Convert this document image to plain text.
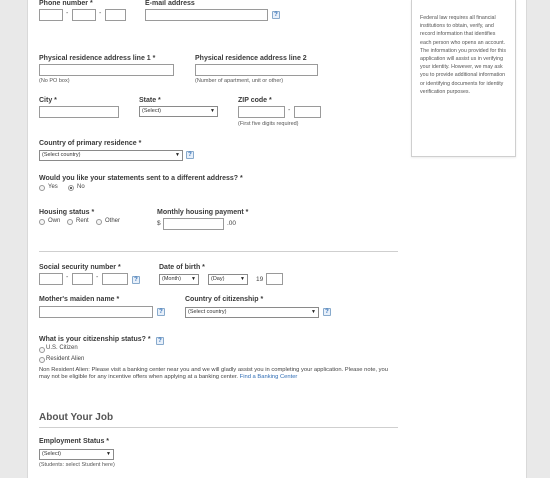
Phone number *
-	-
E-mail address
?
Physical residence address line 1 *
(No PO box)
Physical residence address line 2
(Number of apartment, unit or other)
City *	State *
(Select)	▼
ZIP code *
-
(First five digits required)
Country of primary residence *
(Select country)	▼	?
Would you like your statements sent to a different address? *
Yes	No
Housing status *
Own	Rent	Other
Monthly housing payment *
$	.00
Social security number *
-	-	?
Date of birth *
(Month) ▼	(Day)	▼ 19
Mother's maiden name *
?
Country of citizenship *
(Select country)	▼	?
What is your citizenship status? *	?
U.S. Citizen
Resident Alien
Non Resident Alien: Please visit a banking center near you and we will gladly assist you in completing your application. Please note, you may not be eligible for any incentive offers when applying at a banking center. Find a Banking Center
About Your Job
Employment Status *
(Select)	▼
(Students: select Student here)

Federal law requires all financial institutions to obtain, verify, and record information that identifies each person who opens an account. The information you provided for this application will assist us in verifying your identity. However, we may ask you to provide additional information or identifying documents for identity verification purposes.
